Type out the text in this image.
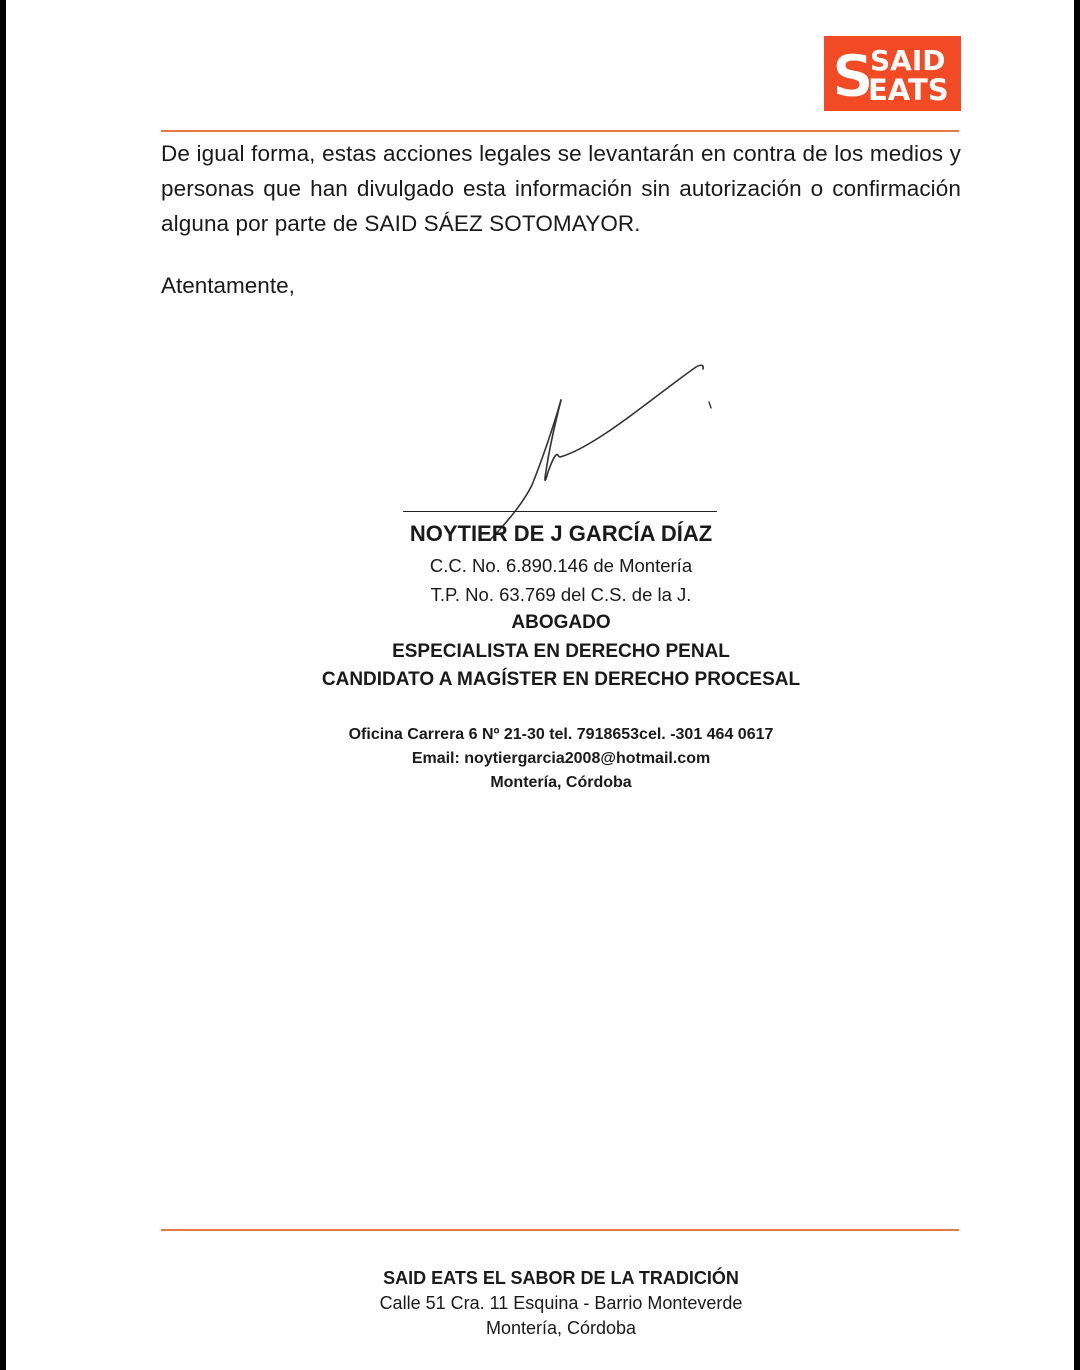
S
SAID
EATS
De igual forma, estas acciones legales se levantarán en contra de los medios y personas que han divulgado esta información sin autorización o confirmación alguna por parte de SAID SÁEZ SOTOMAYOR.
Atentamente,
NOYTIER DE J GARCÍA DÍAZ
C.C. No. 6.890.146 de Montería
T.P. No. 63.769 del C.S. de la J.
ABOGADO
ESPECIALISTA EN DERECHO PENAL
CANDIDATO A MAGÍSTER EN DERECHO PROCESAL
Oficina Carrera 6 Nº 21-30 tel. 7918653cel. -301 464 0617
Email: noytiergarcia2008@hotmail.com
Montería, Córdoba
SAID EATS EL SABOR DE LA TRADICIÓN
Calle 51 Cra. 11 Esquina - Barrio Monteverde
Montería, Córdoba
